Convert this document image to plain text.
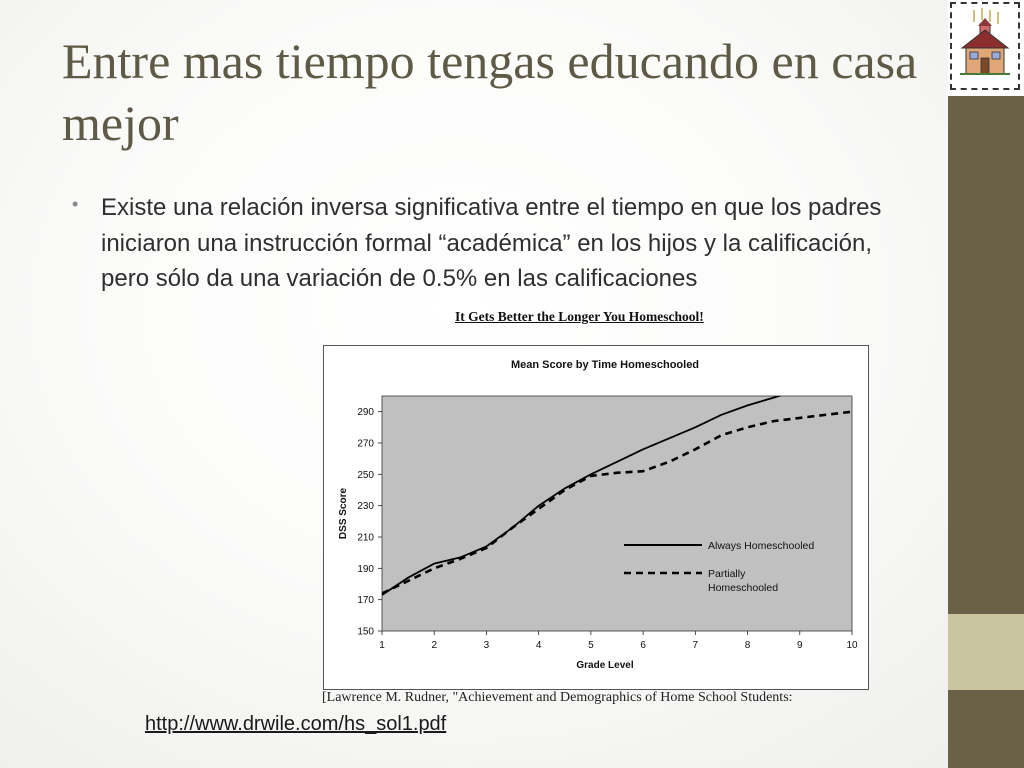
Entre mas tiempo tengas educando en casa mejor
• Existe una relación inversa significativa entre el tiempo en que los padres iniciaron una instrucción formal “académica” en los hijos y la calificación, pero sólo da una variación de 0.5% en las calificaciones
It Gets Better the Longer You Homeschool!
Mean Score by Time Homeschooled
150
170
190
210
230
250
270
290
1	2	3	4	5	6	7	8	9	10
Grade Level
DSS Score
Always Homeschooled
Partially
Homeschooled
[Lawrence M. Rudner, "Achievement and Demographics of Home School Students:
http://www.drwile.com/hs_sol1.pdf
